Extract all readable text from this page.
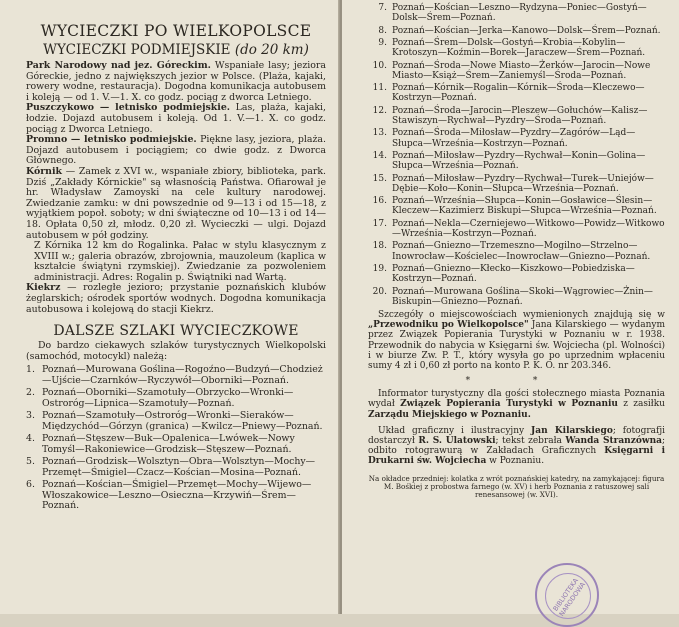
WYCIECZKI PO WIELKOPOLSCE
WYCIECZKI PODMIEJSKIE (do 20 km)

Park Narodowy nad jez. Góreckim. Wspaniałe lasy; jeziora Góreckie, jedno z największych jezior w Polsce. (Plaża, kajaki, rowery wodne, restauracja). Dogodna komunikacja autobusem i koleją — od 1. V.—1. X. co godz. pociąg z dworca Letniego.

Puszczykowo — letnisko podmiejskie. Las, plaża, kajaki, łodzie. Dojazd autobusem i koleją. Od 1. V.—1. X. co godz. pociąg z Dworca Letniego.

Promno — letnisko podmiejskie. Piękne lasy, jeziora, plaża. Dojazd autobusem i pociągiem; co dwie godz. z Dworca Głównego.

Kórnik — Zamek z XVI w., wspaniałe zbiory, biblioteka, park. Dziś „Zakłady Kórnickie" są własnością Państwa. Ofiarował je hr. Władysław Zamoyski na cele kultury narodowej. Zwiedzanie zamku: w dni powszednie od 9—13 i od 15—18, z wyjątkiem popoł. soboty; w dni świąteczne od 10—13 i od 14—18. Opłata 0,50 zł, młodz. 0,20 zł. Wycieczki — ulgi. Dojazd autobusem w pół godziny.

Z Kórnika 12 km do Rogalinka. Pałac w stylu klasycznym z XVIII w.; galeria obrazów, zbrojownia, mauzoleum (kaplica w kształcie świątyni rzymskiej). Zwiedzanie za pozwoleniem administracji. Adres: Rogalin p. Świątniki nad Wartą.

Kiekrz — rozległe jezioro; przystanie poznańskich klubów żeglarskich; ośrodek sportów wodnych. Dogodna komunikacja autobusowa i kolejową do stacji Kiekrz.

DALSZE SZLAKI WYCIECZKOWE

Do bardzo ciekawych szlaków turystycznych Wielkopolski (samochód, motocykl) należą:

1. Poznań—Murowana Goślina—Rogoźno—Budzyń—Chodzież—Ujście—Czarnków—Ryczywół—Oborniki—Poznań.
2. Poznań—Oborniki—Szamotuły—Obrzycko—Wronki—Ostroróg—Lipnica—Szamotuły—Poznań.
3. Poznań—Szamotuły—Ostroróg—Wronki—Sieraków—Międzychód—Górzyn (granica) —Kwilcz—Pniewy—Poznań.
4. Poznań—Stęszew—Buk—Opalenica—Lwówek—Nowy Tomyśl—Rakoniewice—Grodzisk—Stęszew—Poznań.
5. Poznań—Grodzisk—Wolsztyn—Obra—Wolsztyn—Mochy—Przemęt—Śmigiel—Czacz—Kościan—Mosina—Poznań.
6. Poznań—Kościan—Śmigiel—Przemęt—Mochy—Wijewo—Włoszakowice—Leszno—Osieczna—Krzywiń—Śrem—Poznań.
7. Poznań—Kościan—Leszno—Rydzyna—Poniec—Gostyń—Dolsk—Śrem—Poznań.
8. Poznań—Kościan—Jerka—Kanowo—Dolsk—Śrem—Poznań.
9. Poznań—Śrem—Dolsk—Gostyń—Krobia—Kobylin—Krotoszyn—Koźmin—Borek—Jaraczew—Śrem—Poznań.
10. Poznań—Środa—Nowe Miasto—Żerków—Jarocin—Nowe Miasto—Książ—Śrem—Zaniemyśl—Środa—Poznań.
11. Poznań—Kórnik—Rogalin—Kórnik—Środa—Kleczewo—Kostrzyn—Poznań.
12. Poznań—Środa—Jarocin—Pleszew—Gołuchów—Kalisz—Stawiszyn—Rychwał—Pyzdry—Środa—Poznań.
13. Poznań—Środa—Miłosław—Pyzdry—Zagórów—Ląd—Słupca—Września—Kostrzyn—Poznań.
14. Poznań—Miłosław—Pyzdry—Rychwał—Konin—Golina—Słupca—Września—Poznań.
15. Poznań—Miłosław—Pyzdry—Rychwał—Turek—Uniejów—Dębie—Koło—Konin—Słupca—Września—Poznań.
16. Poznań—Września—Słupca—Konin—Gosławice—Ślesin—Kleczew—Kazimierz Biskupi—Słupca—Września—Poznań.
17. Poznań—Nekla—Czerniejewo—Witkowo—Powidz—Witkowo—Września—Kostrzyn—Poznań.
18. Poznań—Gniezno—Trzemeszno—Mogilno—Strzelno—Inowrocław—Kościelec—Inowrocław—Gniezno—Poznań.
19. Poznań—Gniezno—Kłecko—Kiszkowo—Pobiedziska—Kostrzyn—Poznań.
20. Poznań—Murowana Goślina—Skoki—Wągrowiec—Żnin—Biskupin—Gniezno—Poznań.

Szczegóły o miejscowościach wymienionych znajdują się w „Przewodniku po Wielkopolsce" Jana Kilarskiego — wydanym przez Związek Popierania Turystyki w Poznaniu w r. 1938. Przewodnik do nabycia w Księgarni św. Wojciecha (pl. Wolności) i w biurze Zw. P. T., który wysyła go po uprzednim wpłaceniu sumy 4 zł i 0,60 zł porto na konto P. K. O. nr 203.346.

* *

Informator turystyczny dla gości stołecznego miasta Poznania wydał Związek Popierania Turystyki w Poznaniu z zasiłku Zarządu Miejskiego w Poznaniu.

Układ graficzny i ilustracyjny Jan Kilarskiego; fotografji dostarczył R. S. Ulatowski; tekst zebrała Wanda Stranzówna; odbito rotograwurą w Zakładach Graficznych Księgarni i Drukarni św. Wojciecha w Poznaniu.

Na okładce przedniej: kolatka z wrót poznańskiej katedry, na zamykającej: figura M. Bośkiej z probostwa farnego (w. XV) i herb Poznania z ratuszowej sali renesansowej (w. XVI).

BIBLIOTEKA NARODOWA
